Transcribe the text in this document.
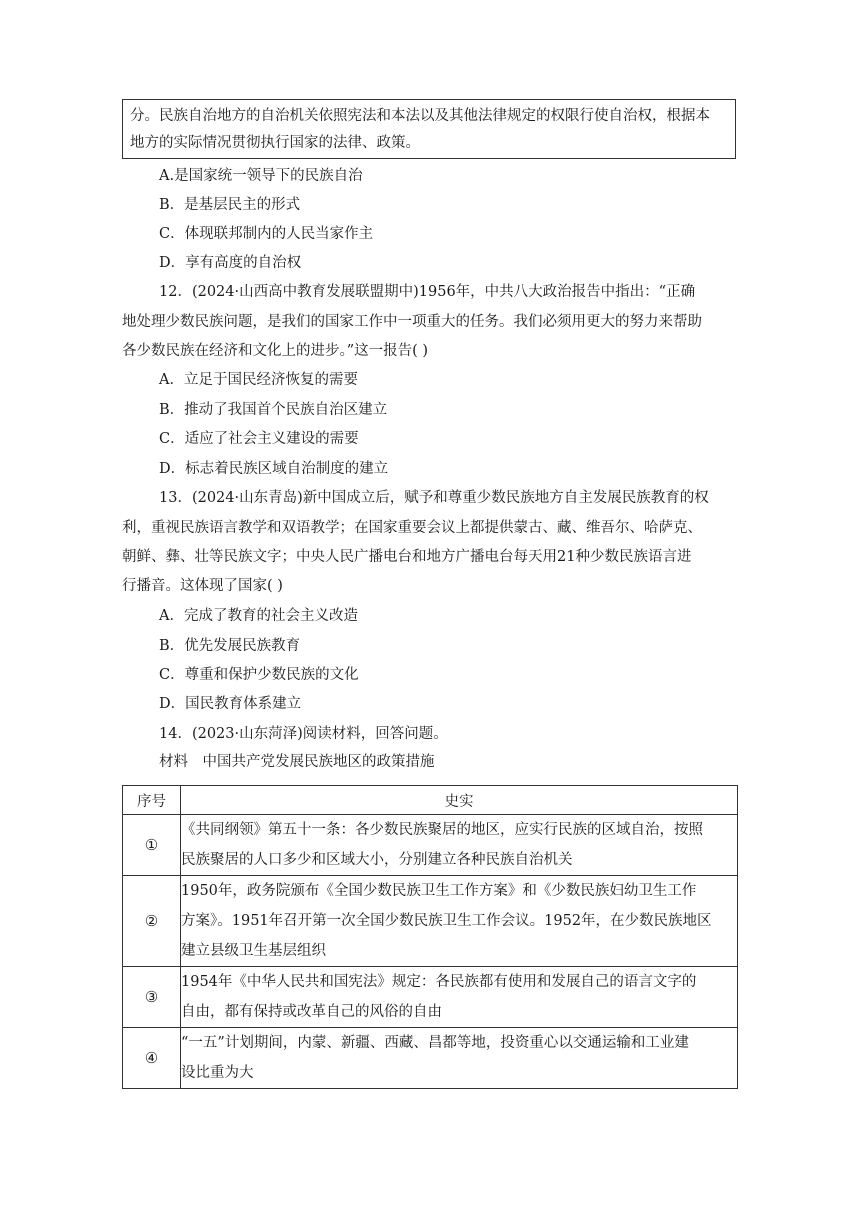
分。民族自治地方的自治机关依照宪法和本法以及其他法律规定的权限行使自治权，根据本
地方的实际情况贯彻执行国家的法律、政策。
A.是国家统一领导下的民族自治
B．是基层民主的形式
C．体现联邦制内的人民当家作主
D．享有高度的自治权
12．(2024·山西高中教育发展联盟期中)1956年，中共八大政治报告中指出：“正确
地处理少数民族问题，是我们的国家工作中一项重大的任务。我们必须用更大的努力来帮助
各少数民族在经济和文化上的进步。”这一报告( )
A．立足于国民经济恢复的需要
B．推动了我国首个民族自治区建立
C．适应了社会主义建设的需要
D．标志着民族区域自治制度的建立
13．(2024·山东青岛)新中国成立后，赋予和尊重少数民族地方自主发展民族教育的权
利，重视民族语言教学和双语教学；在国家重要会议上都提供蒙古、藏、维吾尔、哈萨克、
朝鲜、彝、壮等民族文字；中央人民广播电台和地方广播电台每天用21种少数民族语言进
行播音。这体现了国家( )
A．完成了教育的社会主义改造
B．优先发展民族教育
C．尊重和保护少数民族的文化
D．国民教育体系建立
14．(2023·山东菏泽)阅读材料，回答问题。
材料　中国共产党发展民族地区的政策措施
序号	史实
①	《共同纲领》第五十一条：各少数民族聚居的地区，应实行民族的区域自治，按照
民族聚居的人口多少和区域大小，分别建立各种民族自治机关

②	1950年，政务院颁布《全国少数民族卫生工作方案》和《少数民族妇幼卫生工作
方案》。1951年召开第一次全国少数民族卫生工作会议。1952年，在少数民族地区
建立县级卫生基层组织

③	1954年《中华人民共和国宪法》规定：各民族都有使用和发展自己的语言文字的
自由，都有保持或改革自己的风俗的自由

④	“一五”计划期间，内蒙、新疆、西藏、昌都等地，投资重心以交通运输和工业建
设比重为大
